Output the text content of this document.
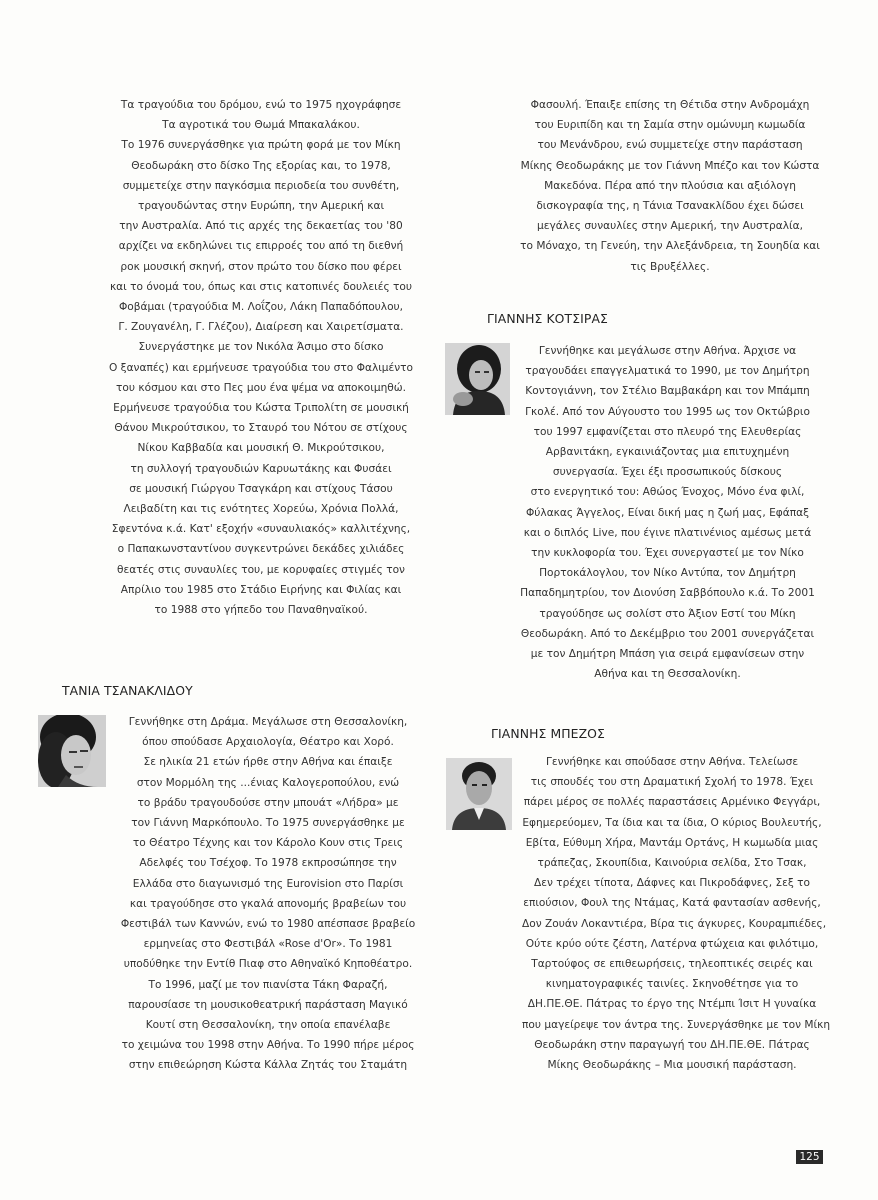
Τα τραγούδια του δρόμου, ενώ το 1975 ηχογράφησε

Τα αγροτικά του Θωμά Μπακαλάκου.

Το 1976 συνεργάσθηκε για πρώτη φορά με τον Μίκη

Θεοδωράκη στο δίσκο Της εξορίας και, το 1978,

συμμετείχε στην παγκόσμια περιοδεία του συνθέτη,

τραγουδώντας στην Ευρώπη, την Αμερική και

την Αυστραλία. Από τις αρχές της δεκαετίας του '80

αρχίζει να εκδηλώνει τις επιρροές του από τη διεθνή

ροκ μουσική σκηνή, στον πρώτο του δίσκο που φέρει

και το όνομά του, όπως και στις κατοπινές δουλειές του

Φοβάμαι (τραγούδια Μ. Λοΐζου, Λάκη Παπαδόπουλου,

Γ. Ζουγανέλη, Γ. Γλέζου), Διαίρεση και Χαιρετίσματα.

Συνεργάστηκε με τον Νικόλα Άσιμο στο δίσκο

Ο ξαναπές) και ερμήνευσε τραγούδια του στο Φαλιμέντο

του κόσμου και στο Πες μου ένα ψέμα να αποκοιμηθώ.

Ερμήνευσε τραγούδια του Κώστα Τριπολίτη σε μουσική

Θάνου Μικρούτσικου, το Σταυρό του Νότου σε στίχους

Νίκου Καββαδία και μουσική Θ. Μικρούτσικου,

τη συλλογή τραγουδιών Καρυωτάκης και Φυσάει

σε μουσική Γιώργου Τσαγκάρη και στίχους Τάσου

Λειβαδίτη και τις ενότητες Χορεύω, Χρόνια Πολλά,

Σφεντόνα κ.ά. Κατ' εξοχήν «συναυλιακός» καλλιτέχνης,

ο Παπακωνσταντίνου συγκεντρώνει δεκάδες χιλιάδες

θεατές στις συναυλίες του, με κορυφαίες στιγμές τον

Απρίλιο του 1985 στο Στάδιο Ειρήνης και Φιλίας και

το 1988 στο γήπεδο του Παναθηναϊκού.

ΤΑΝΙΑ ΤΣΑΝΑΚΛΙΔΟΥ

Γεννήθηκε στη Δράμα. Μεγάλωσε στη Θεσσαλονίκη,

όπου σπούδασε Αρχαιολογία, Θέατρο και Χορό.

Σε ηλικία 21 ετών ήρθε στην Αθήνα και έπαιξε

στον Μορμόλη της ...ένιας Καλογεροπούλου, ενώ

το βράδυ τραγουδούσε στην μπουάτ «Λήδρα» με

τον Γιάννη Μαρκόπουλο. Το 1975 συνεργάσθηκε με

το Θέατρο Τέχνης και τον Κάρολο Κουν στις Τρεις

Αδελφές του Τσέχοφ. Το 1978 εκπροσώπησε την

Ελλάδα στο διαγωνισμό της Eurovision στο Παρίσι

και τραγούδησε στο γκαλά απονομής βραβείων του

Φεστιβάλ των Καννών, ενώ το 1980 απέσπασε βραβείο

ερμηνείας στο Φεστιβάλ «Rose d'Or». Το 1981

υποδύθηκε την Εντίθ Πιαφ στο Αθηναϊκό Κηποθέατρο.

Το 1996, μαζί με τον πιανίστα Τάκη Φαραζή,

παρουσίασε τη μουσικοθεατρική παράσταση Μαγικό

Κουτί στη Θεσσαλονίκη, την οποία επανέλαβε

το χειμώνα του 1998 στην Αθήνα. Το 1990 πήρε μέρος

στην επιθεώρηση Κώστα Κάλλα Ζητάς του Σταμάτη

Φασουλή. Έπαιξε επίσης τη Θέτιδα στην Ανδρομάχη

του Ευριπίδη και τη Σαμία στην ομώνυμη κωμωδία

του Μενάνδρου, ενώ συμμετείχε στην παράσταση

Μίκης Θεοδωράκης με τον Γιάννη Μπέζο και τον Κώστα

Μακεδόνα. Πέρα από την πλούσια και αξιόλογη

δισκογραφία της, η Τάνια Τσανακλίδου έχει δώσει

μεγάλες συναυλίες στην Αμερική, την Αυστραλία,

το Μόναχο, τη Γενεύη, την Αλεξάνδρεια, τη Σουηδία και

τις Βρυξέλλες.

ΓΙΑΝΝΗΣ ΚΟΤΣΙΡΑΣ

Γεννήθηκε και μεγάλωσε στην Αθήνα. Άρχισε να

τραγουδάει επαγγελματικά το 1990, με τον Δημήτρη

Κοντογιάννη, τον Στέλιο Βαμβακάρη και τον Μπάμπη

Γκολέ. Από τον Αύγουστο του 1995 ως τον Οκτώβριο

του 1997 εμφανίζεται στο πλευρό της Ελευθερίας

Αρβανιτάκη, εγκαινιάζοντας μια επιτυχημένη

συνεργασία. Έχει έξι προσωπικούς δίσκους

στο ενεργητικό του: Αθώος Ένοχος, Μόνο ένα φιλί,

Φύλακας Άγγελος, Είναι δική μας η ζωή μας, Εφάπαξ

και ο διπλός Live, που έγινε πλατινένιος αμέσως μετά

την κυκλοφορία του. Έχει συνεργαστεί με τον Νίκο

Πορτοκάλογλου, τον Νίκο Αντύπα, τον Δημήτρη

Παπαδημητρίου, τον Διονύση Σαββόπουλο κ.ά. Το 2001

τραγούδησε ως σολίστ στο Άξιον Εστί του Μίκη

Θεοδωράκη. Από το Δεκέμβριο του 2001 συνεργάζεται

με τον Δημήτρη Μπάση για σειρά εμφανίσεων στην

Αθήνα και τη Θεσσαλονίκη.

ΓΙΑΝΝΗΣ ΜΠΕΖΟΣ

Γεννήθηκε και σπούδασε στην Αθήνα. Τελείωσε

τις σπουδές του στη Δραματική Σχολή το 1978. Έχει

πάρει μέρος σε πολλές παραστάσεις Αρμένικο Φεγγάρι,

Εφημερεύομεν, Τα ίδια και τα ίδια, Ο κύριος Βουλευτής,

Εβίτα, Εύθυμη Χήρα, Μαντάμ Ορτάνς, Η κωμωδία μιας

τράπεζας, Σκουπίδια, Καινούρια σελίδα, Στο Τσακ,

Δεν τρέχει τίποτα, Δάφνες και Πικροδάφνες, Σεξ το

επιούσιον, Φουλ της Ντάμας, Κατά φαντασίαν ασθενής,

Δον Ζουάν Λοκαντιέρα, Βίρα τις άγκυρες, Κουραμπιέδες,

Ούτε κρύο ούτε ζέστη, Λατέρνα φτώχεια και φιλότιμο,

Ταρτούφος σε επιθεωρήσεις, τηλεοπτικές σειρές και

κινηματογραφικές ταινίες. Σκηνοθέτησε για το

ΔΗ.ΠΕ.ΘΕ. Πάτρας το έργο της Ντέμπι Ίσιτ Η γυναίκα

που μαγείρεψε τον άντρα της. Συνεργάσθηκε με τον Μίκη

Θεοδωράκη στην παραγωγή του ΔΗ.ΠΕ.ΘΕ. Πάτρας

Μίκης Θεοδωράκης – Μια μουσική παράσταση.

125
